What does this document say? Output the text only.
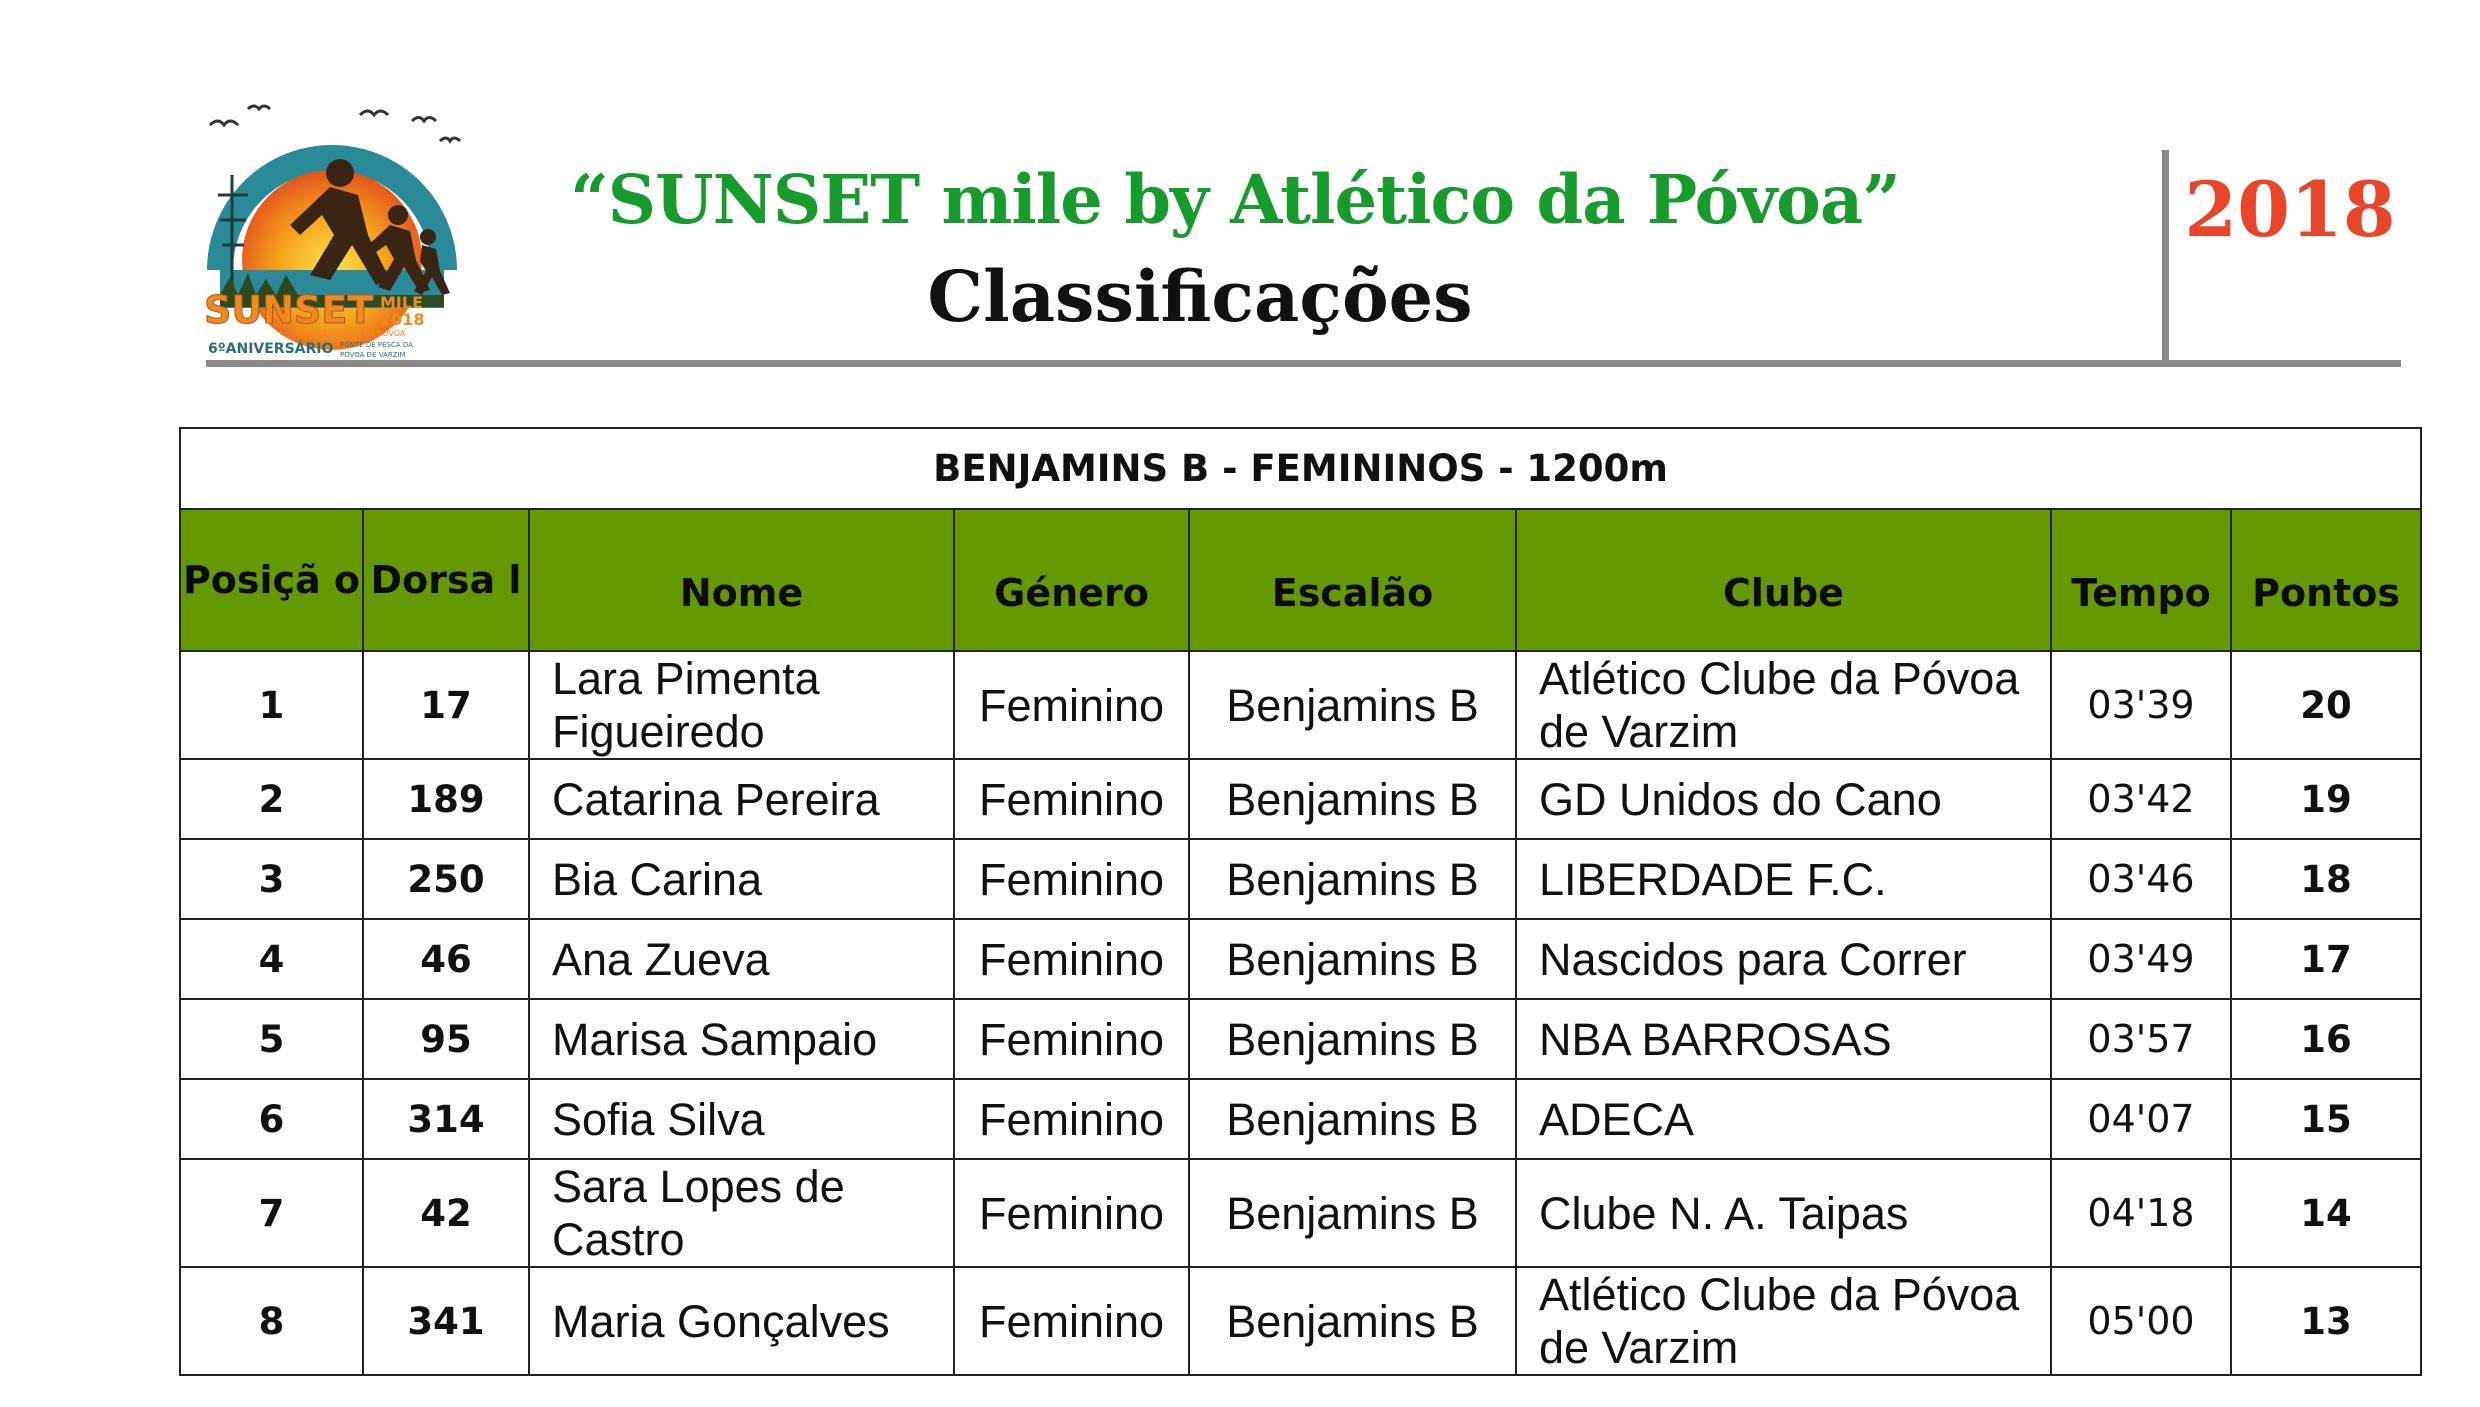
SUNSET MILE
2018
BY ATLÉTICO DA PÓVOA
6ºANIVERSÁRIO PONTE DE PESCA DA
PÓVOA DE VARZIM
“SUNSET mile by Atlético da Póvoa”
Classificações
2018
BENJAMINS B - FEMININOS - 1200m							
Posiçã o	Dorsa l	Nome	Género	Escalão	Clube	Tempo	Pontos
1	17	Lara Pimenta Figueiredo	Feminino	Benjamins B	Atlético Clube da Póvoa de Varzim	03'39	20
2	189	Catarina Pereira	Feminino	Benjamins B	GD Unidos do Cano	03'42	19
3	250	Bia Carina	Feminino	Benjamins B	LIBERDADE F.C.	03'46	18
4	46	Ana Zueva	Feminino	Benjamins B	Nascidos para Correr	03'49	17
5	95	Marisa Sampaio	Feminino	Benjamins B	NBA BARROSAS	03'57	16
6	314	Sofia Silva	Feminino	Benjamins B	ADECA	04'07	15
7	42	Sara Lopes de Castro	Feminino	Benjamins B	Clube N. A. Taipas	04'18	14
8	341	Maria Gonçalves	Feminino	Benjamins B	Atlético Clube da Póvoa de Varzim	05'00	13
